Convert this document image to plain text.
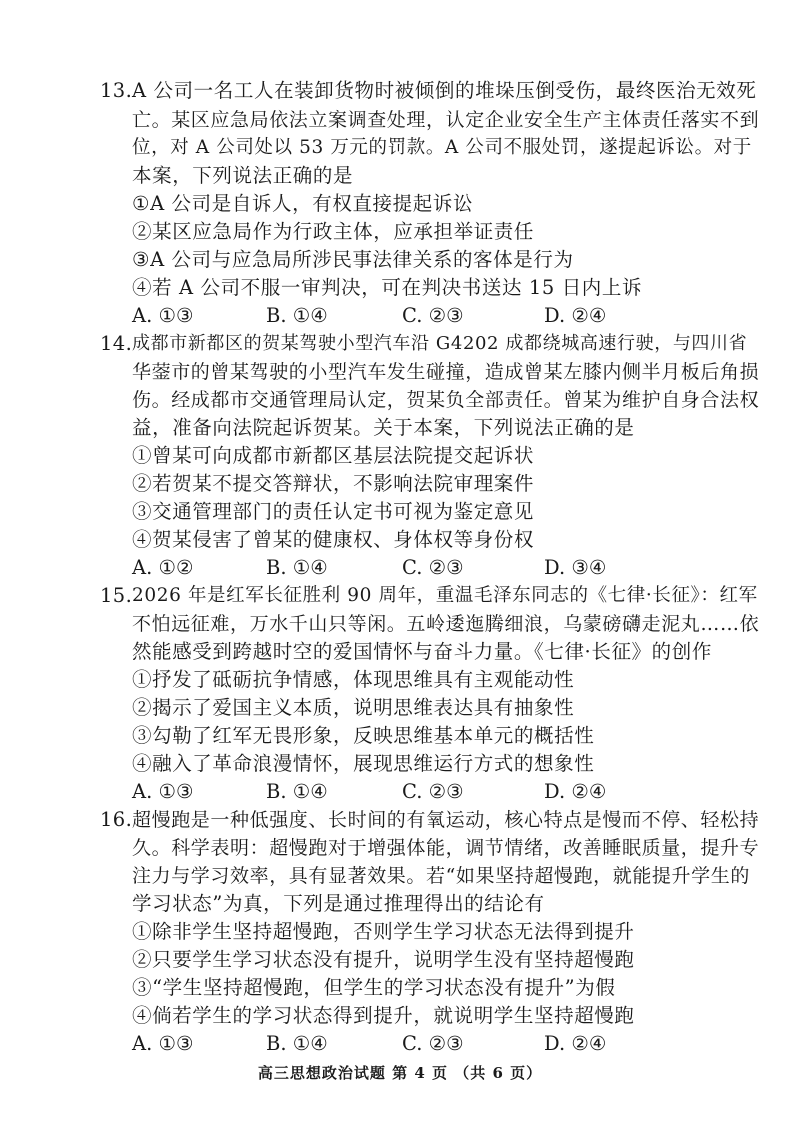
13. A 公司一名工人在装卸货物时被倾倒的堆垛压倒受伤，最终医治无效死
亡。某区应急局依法立案调查处理，认定企业安全生产主体责任落实不到
位，对 A 公司处以 53 万元的罚款。A 公司不服处罚，遂提起诉讼。对于
本案，下列说法正确的是
①A 公司是自诉人，有权直接提起诉讼
②某区应急局作为行政主体，应承担举证责任
③A 公司与应急局所涉民事法律关系的客体是行为
④若 A 公司不服一审判决，可在判决书送达 15 日内上诉
A. ①③	B. ①④	C. ②③	D. ②④
14. 成都市新都区的贺某驾驶小型汽车沿 G4202 成都绕城高速行驶，与四川省
华蓥市的曾某驾驶的小型汽车发生碰撞，造成曾某左膝内侧半月板后角损
伤。经成都市交通管理局认定，贺某负全部责任。曾某为维护自身合法权
益，准备向法院起诉贺某。关于本案，下列说法正确的是
①曾某可向成都市新都区基层法院提交起诉状
②若贺某不提交答辩状，不影响法院审理案件
③交通管理部门的责任认定书可视为鉴定意见
④贺某侵害了曾某的健康权、身体权等身份权
A. ①②	B. ①④	C. ②③	D. ③④
15. 2026 年是红军长征胜利 90 周年，重温毛泽东同志的《七律·长征》：红军
不怕远征难，万水千山只等闲。五岭逶迤腾细浪，乌蒙磅礴走泥丸……依
然能感受到跨越时空的爱国情怀与奋斗力量。《七律·长征》的创作
①抒发了砥砺抗争情感，体现思维具有主观能动性
②揭示了爱国主义本质，说明思维表达具有抽象性
③勾勒了红军无畏形象，反映思维基本单元的概括性
④融入了革命浪漫情怀，展现思维运行方式的想象性
A. ①③	B. ①④	C. ②③	D. ②④
16. 超慢跑是一种低强度、长时间的有氧运动，核心特点是慢而不停、轻松持
久。科学表明：超慢跑对于增强体能，调节情绪，改善睡眠质量，提升专
注力与学习效率，具有显著效果。若“如果坚持超慢跑，就能提升学生的
学习状态”为真，下列是通过推理得出的结论有
①除非学生坚持超慢跑，否则学生学习状态无法得到提升
②只要学生学习状态没有提升，说明学生没有坚持超慢跑
③“学生坚持超慢跑，但学生的学习状态没有提升”为假
④倘若学生的学习状态得到提升，就说明学生坚持超慢跑
A. ①③	B. ①④	C. ②③	D. ②④
高三思想政治试题 第 4 页 （共 6 页）
